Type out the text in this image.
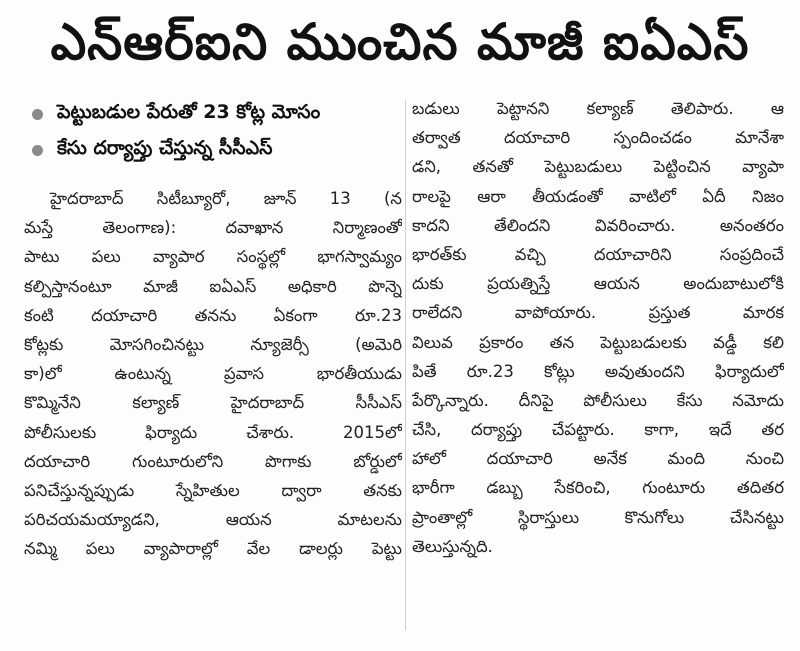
ఎన్‌ఆర్‌ఐని ముంచిన మాజీ ఐఏఎస్
పెట్టుబడుల పేరుతో 23 కోట్ల మోసం
కేసు దర్యాప్తు చేస్తున్న సీసీఎస్
హైదరాబాద్ సిటీబ్యూరో, జూన్ 13 (న
మస్తే తెలంగాణ): దవాఖాన నిర్మాణంతో
పాటు పలు వ్యాపార సంస్థల్లో భాగస్వామ్యం
కల్పిస్తానంటూ మాజీ ఐఏఎస్ అధికారి పొన్నె
కంటి దయాచారి తనను ఏకంగా రూ.23
కోట్లకు మోసగించినట్టు న్యూజెర్సీ (అమెరి
కా)లో ఉంటున్న ప్రవాస భారతీయుడు
కొమ్మినేని కల్యాణ్ హైదరాబాద్ సీసీఎస్
పోలీసులకు ఫిర్యాదు చేశారు. 2015లో
దయాచారి గుంటూరులోని పొగాకు బోర్డులో
పనిచేస్తున్నప్పుడు స్నేహితుల ద్వారా తనకు
పరిచయమయ్యాడని, ఆయన మాటలను
నమ్మి పలు వ్యాపారాల్లో వేల డాలర్లు పెట్టు
బడులు పెట్టానని కల్యాణ్ తెలిపారు. ఆ
తర్వాత దయాచారి స్పందించడం మానేశా
డని, తనతో పెట్టుబడులు పెట్టించిన వ్యాపా
రాలపై ఆరా తీయడంతో వాటిలో ఏదీ నిజం
కాదని తేలిందని వివరించారు. అనంతరం
భారత్‌కు వచ్చి దయాచారిని సంప్రదించే
దుకు ప్రయత్నిస్తే ఆయన అందుబాటులోకి
రాలేదని వాపోయారు. ప్రస్తుత మారక
విలువ ప్రకారం తన పెట్టుబడులకు వడ్డీ కలి
పితే రూ.23 కోట్లు అవుతుందని ఫిర్యాదులో
పేర్కొన్నారు. దీనిపై పోలీసులు కేసు నమోదు
చేసి, దర్యాప్తు చేపట్టారు. కాగా, ఇదే తర
హాలో దయాచారి అనేక మంది నుంచి
భారీగా డబ్బు సేకరించి, గుంటూరు తదితర
ప్రాంతాల్లో స్థిరాస్తులు కొనుగోలు చేసినట్టు
తెలుస్తున్నది.
